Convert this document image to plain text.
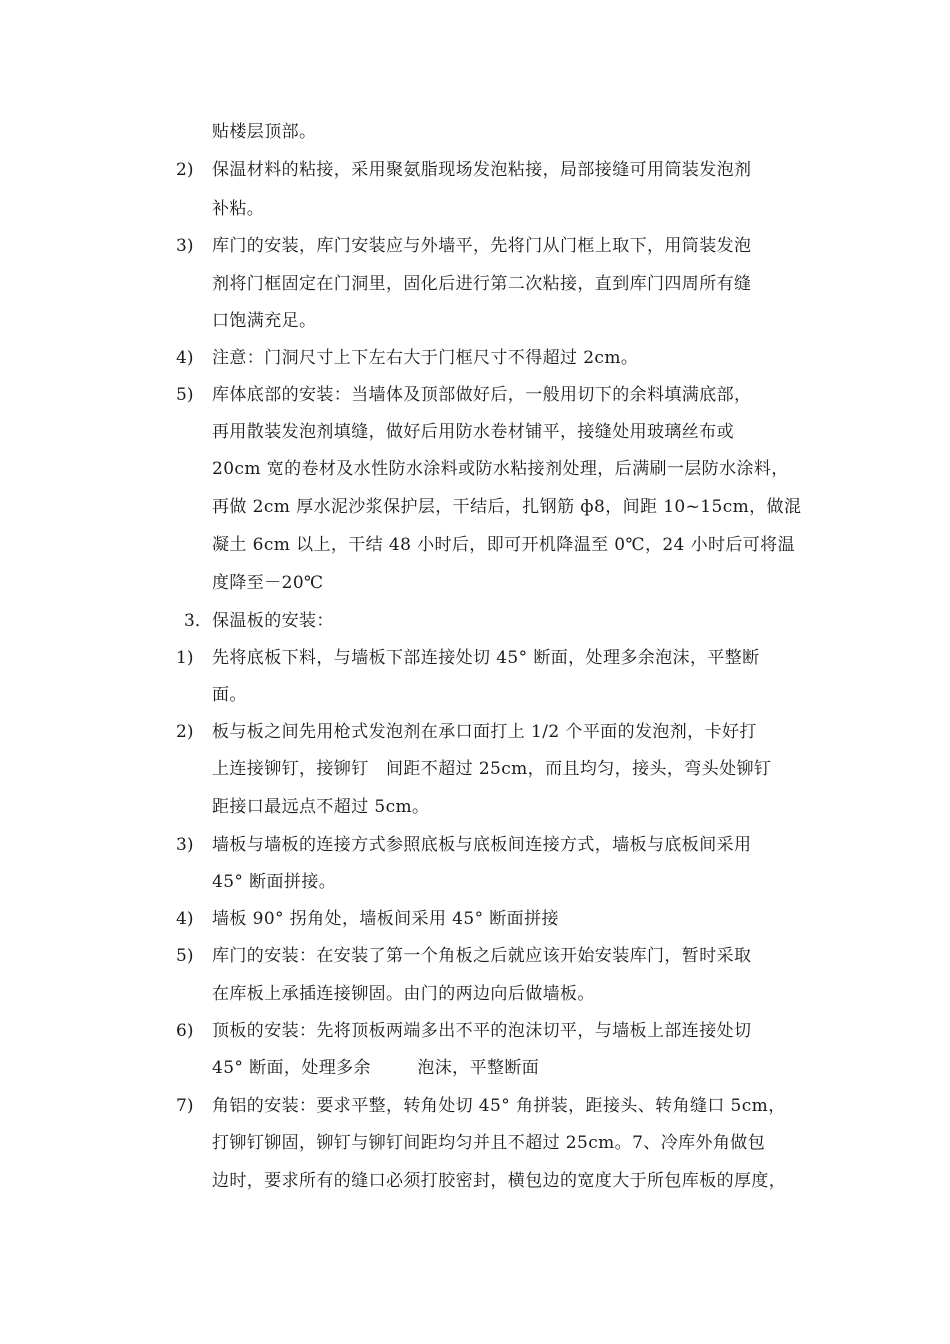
贴楼层顶部。
2) 保温材料的粘接，采用聚氨脂现场发泡粘接，局部接缝可用筒装发泡剂
补粘。
3) 库门的安装，库门安装应与外墙平，先将门从门框上取下，用筒装发泡
剂将门框固定在门洞里，固化后进行第二次粘接，直到库门四周所有缝
口饱满充足。
4) 注意：门洞尺寸上下左右大于门框尺寸不得超过 2cm。
5) 库体底部的安装：当墙体及顶部做好后，一般用切下的余料填满底部，
再用散装发泡剂填缝，做好后用防水卷材铺平，接缝处用玻璃丝布或
20cm 宽的卷材及水性防水涂料或防水粘接剂处理，后满刷一层防水涂料，
再做 2cm 厚水泥沙浆保护层，干结后，扎钢筋 ф8，间距 10~15cm，做混
凝土 6cm 以上，干结 48 小时后，即可开机降温至 0℃，24 小时后可将温
度降至－20℃
3． 保温板的安装：
1) 先将底板下料，与墙板下部连接处切 45° 断面，处理多余泡沫，平整断
面。
2) 板与板之间先用枪式发泡剂在承口面打上 1/2 个平面的发泡剂，卡好打
上连接铆钉，接铆钉   间距不超过 25cm，而且均匀，接头，弯头处铆钉
距接口最远点不超过 5cm。
3) 墙板与墙板的连接方式参照底板与底板间连接方式，墙板与底板间采用
45° 断面拼接。
4) 墙板 90° 拐角处，墙板间采用 45° 断面拼接
5) 库门的安装：在安装了第一个角板之后就应该开始安装库门，暂时采取
在库板上承插连接铆固。由门的两边向后做墙板。
6) 顶板的安装：先将顶板两端多出不平的泡沫切平，与墙板上部连接处切
45° 断面，处理多余        泡沫，平整断面
7) 角铝的安装：要求平整，转角处切 45° 角拼装，距接头、转角缝口 5cm，
打铆钉铆固，铆钉与铆钉间距均匀并且不超过 25cm。7、冷库外角做包
边时，要求所有的缝口必须打胶密封，横包边的宽度大于所包库板的厚度，
